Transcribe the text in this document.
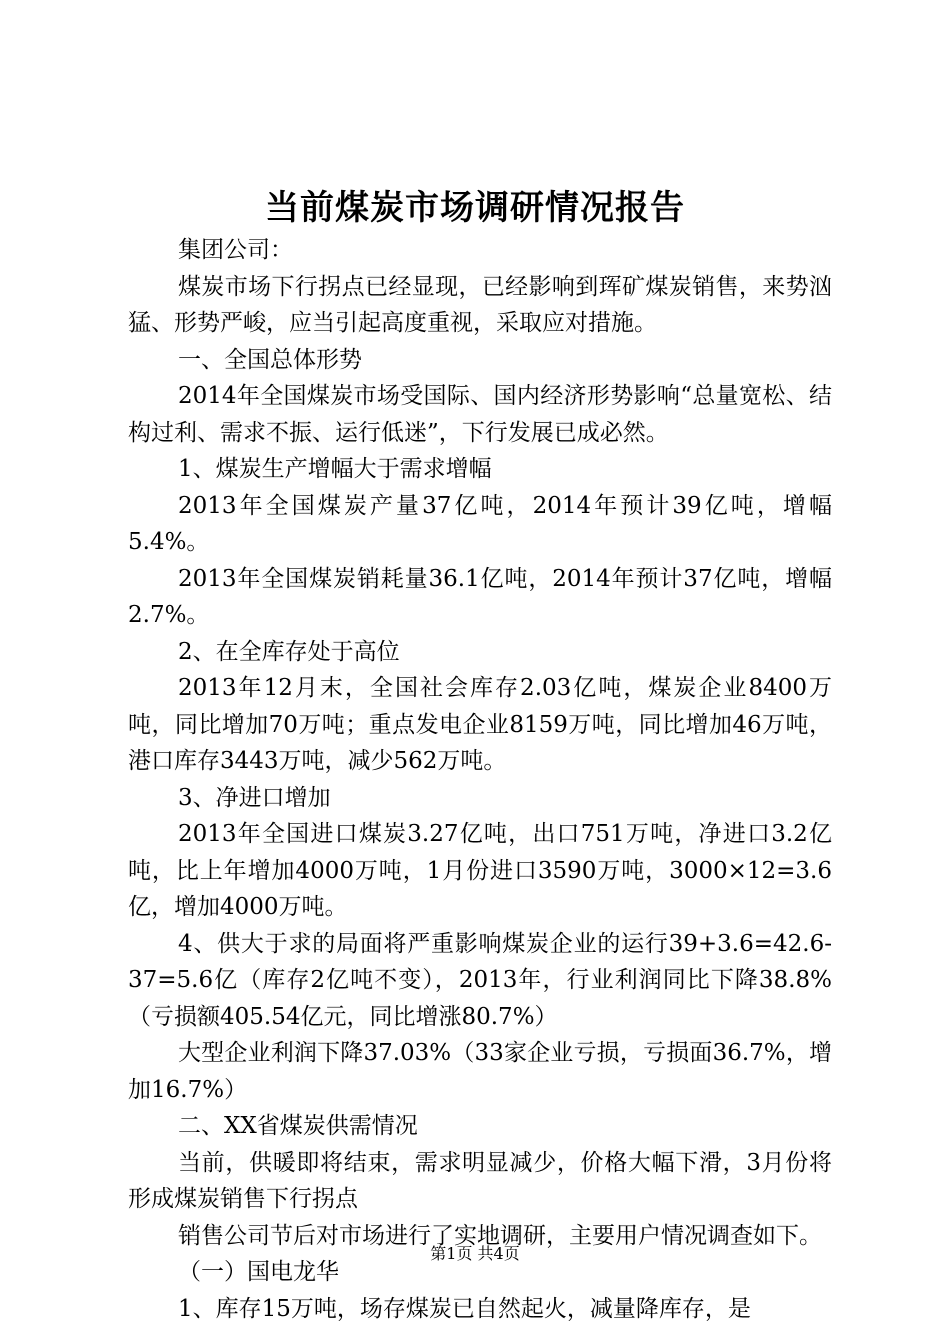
当前煤炭市场调研情况报告

集团公司：

煤炭市场下行拐点已经显现，已经影响到珲矿煤炭销售，来势汹猛、形势严峻，应当引起高度重视，采取应对措施。

一、全国总体形势

2014年全国煤炭市场受国际、国内经济形势影响“总量宽松、结构过利、需求不振、运行低迷”，下行发展已成必然。

1、煤炭生产增幅大于需求增幅

2013年全国煤炭产量37亿吨，2014年预计39亿吨，增幅5.4%。

2013年全国煤炭销耗量36.1亿吨，2014年预计37亿吨，增幅2.7%。

2、在全库存处于高位

2013年12月末，全国社会库存2.03亿吨，煤炭企业8400万吨，同比增加70万吨；重点发电企业8159万吨，同比增加46万吨，港口库存3443万吨，减少562万吨。

3、净进口增加

2013年全国进口煤炭3.27亿吨，出口751万吨，净进口3.2亿吨，比上年增加4000万吨，1月份进口3590万吨，3000×12=3.6亿，增加4000万吨。

4、供大于求的局面将严重影响煤炭企业的运行39+3.6=42.6-37=5.6亿（库存2亿吨不变），2013年，行业利润同比下降38.8%（亏损额405.54亿元，同比增涨80.7%）

大型企业利润下降37.03%（33家企业亏损，亏损面36.7%，增加16.7%）

二、XX省煤炭供需情况

当前，供暖即将结束，需求明显减少，价格大幅下滑，3月份将形成煤炭销售下行拐点

销售公司节后对市场进行了实地调研，主要用户情况调查如下。

（一）国电龙华

1、库存15万吨，场存煤炭已自然起火，减量降库存，是

第1页 共4页
